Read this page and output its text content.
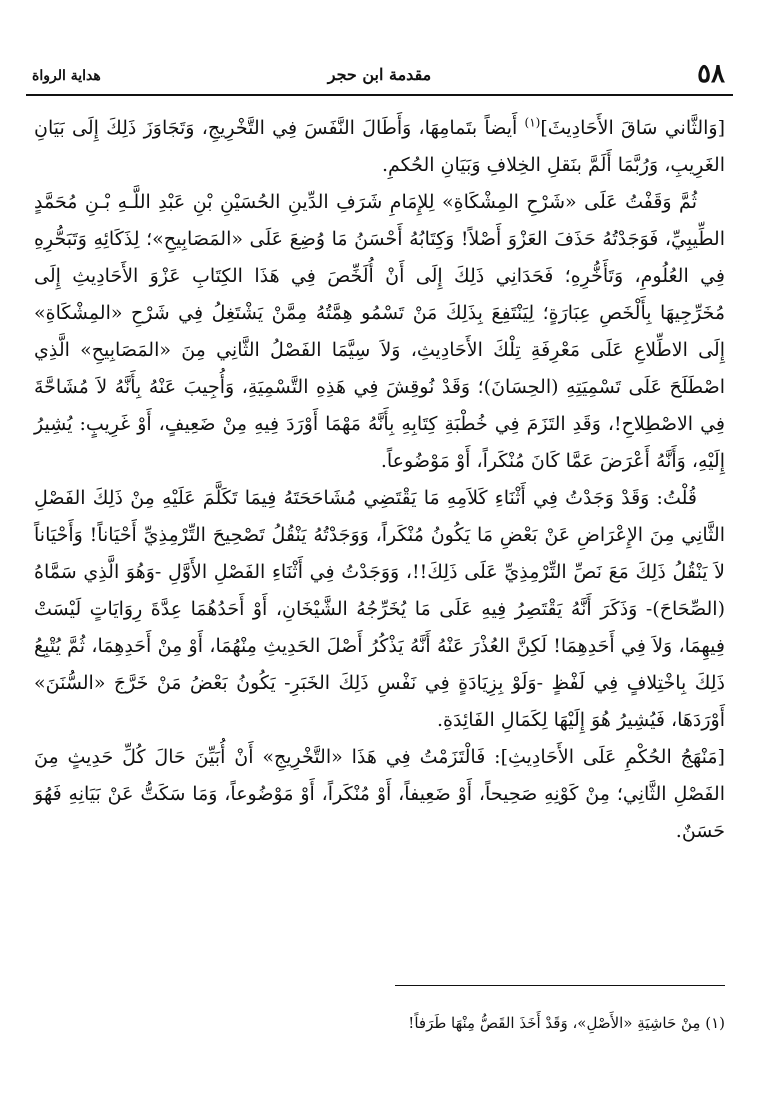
٥٨
مقدمة ابن حجر
هداية الرواة

[وَالثَّاني سَاقَ الأَحَادِيثَ]$^{(١)}$ أَيضاً بتَمامِهَا، وَأَطَالَ النَّفَسَ فِي التَّخْرِيجِ، وَتَجَاوَزَ ذَلِكَ إِلَى بَيَانِ الغَرِيبِ، وَرُبَّمَا أَلَمَّ بنَقلِ الخِلافِ وَبَيَانِ الحُكمِ.

ثُمَّ وَقَفْتُ عَلَى «شَرْحِ المِشْكَاةِ» لِلإِمَامِ شَرَفِ الدِّينِ الحُسَيْنِ بْنِ عَبْدِ اللَّـهِ بْـنِ مُحَمَّدٍ الطِّيبِيِّ، فَوَجَدْتُهُ حَذَفَ العَزْوَ أَصْلاً! وَكِتَابُهُ أَحْسَنُ مَا وُضِعَ عَلَى «المَصَابِيحِ»؛ لِذَكَائِهِ وَتَبَحُّرِهِ فِي العُلُومِ، وَتَأَخُّرِهِ؛ فَحَدَانِي ذَلِكَ إِلَى أَنْ أُلَخِّصَ فِي هَذَا الكِتَابِ عَزْوَ الأَحَادِيثِ إِلَى مُخَرِّجِيهَا بِأَلْخَصِ عِبَارَةٍ؛ لِيَنْتَفِعَ بِذَلِكَ مَنْ تَسْمُو هِمَّتُهُ مِمَّنْ يَشْتَغِلُ فِي شَرْحِ «المِشْكَاةِ» إِلَى الاطِّلاعِ عَلَى مَعْرِفَةِ تِلْكَ الأَحَادِيثِ، وَلاَ سِيَّمَا الفَصْلُ الثَّانِي مِنَ «المَصَابِيحِ» الَّذِي اصْطَلَحَ عَلَى تَسْمِيَتِهِ (الحِسَانَ)؛ وَقَدْ نُوقِشَ فِي هَذِهِ التَّسْمِيَةِ، وَأُجِيبَ عَنْهُ بِأَنَّهُ لاَ مُشَاحَّةَ فِي الاصْطِلاحِ!، وَقَدِ التَزَمَ فِي خُطْبَةِ كِتَابِهِ بِأَنَّهُ مَهْمَا أَوْرَدَ فِيهِ مِنْ ضَعِيفٍ، أَوْ غَرِيبٍ: يُشِيرُ إِلَيْهِ، وَأَنَّهُ أَعْرَضَ عَمَّا كَانَ مُنْكَراً، أَوْ مَوْضُوعاً.

قُلْتُ: وَقَدْ وَجَدْتُ فِي أَثْنَاءِ كَلاَمِهِ مَا يَقْتَضِي مُشَاحَحَتَهُ فِيمَا تَكَلَّمَ عَلَيْهِ مِنْ ذَلِكَ الفَصْلِ الثَّانِي مِنَ الإِعْرَاضِ عَنْ بَعْضِ مَا يَكُونُ مُنْكَراً، وَوَجَدْتُهُ يَنْقُلُ تَصْحِيحَ التِّرْمِذِيِّ أَحْيَاناً! وَأَحْيَاناً لاَ يَنْقُلُ ذَلِكَ مَعَ نَصِّ التِّرْمِذِيِّ عَلَى ذَلِكَ!!، وَوَجَدْتُ فِي أَثْنَاءِ الفَصْلِ الأَوَّلِ -وَهُوَ الَّذِي سَمَّاهُ (الصِّحَاحَ)- وَذَكَرَ أَنَّهُ يَقْتَصِرُ فِيهِ عَلَى مَا يُخَرِّجُهُ الشَّيْخَانِ، أَوْ أَحَدُهُمَا عِدَّةَ رِوَايَاتٍ لَيْسَتْ فِيهِمَا، وَلاَ فِي أَحَدِهِمَا! لَكِنَّ العُذْرَ عَنْهُ أَنَّهُ يَذْكُرُ أَصْلَ الحَدِيثِ مِنْهُمَا، أَوْ مِنْ أَحَدِهِمَا، ثُمَّ يُتْبِعُ ذَلِكَ بِاخْتِلافٍ فِي لَفْظٍ -وَلَوْ بِزِيَادَةٍ فِي نَفْسِ ذَلِكَ الخَبَرِ- يَكُونُ بَعْضُ مَنْ خَرَّجَ «السُّنَنَ» أَوْرَدَهَا، فَيُشِيرُ هُوَ إِلَيْهَا لِكَمَالِ الفَائِدَةِ.

[مَنْهَجُ الحُكْمِ عَلَى الأَحَادِيثِ]: فَالْتَزَمْتُ فِي هَذَا «التَّخْرِيجِ» أَنْ أُبَيِّنَ حَالَ كُلِّ حَدِيثٍ مِنَ الفَصْلِ الثَّانِي؛ مِنْ كَوْنِهِ صَحِيحاً، أَوْ ضَعِيفاً، أَوْ مُنْكَراً، أَوْ مَوْضُوعاً، وَمَا سَكَتُّ عَنْ بَيَانِهِ فَهُوَ حَسَنٌ.

(١) مِنْ حَاشِيَةِ «الأَصْلِ»، وَقَدْ أَخَذَ القَصُّ مِنْهَا طَرَفاً!
